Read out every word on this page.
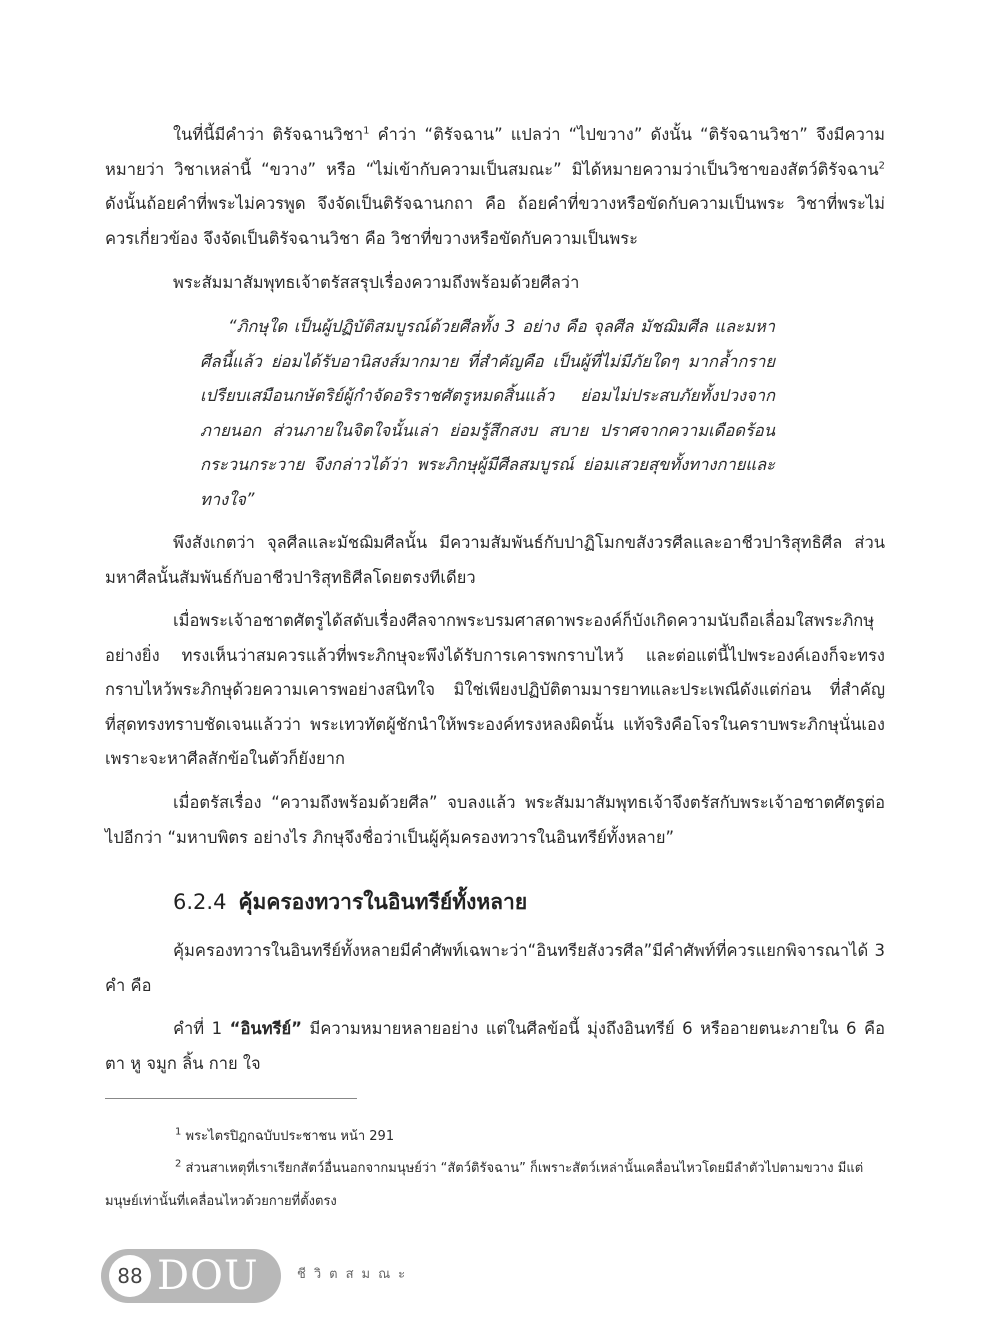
ในที่นี้มีคำว่า ติรัจฉานวิชา$^1$ คำว่า “ติรัจฉาน” แปลว่า “ไปขวาง” ดังนั้น “ติรัจฉานวิชา” จึงมีความหมายว่า วิชาเหล่านี้ “ขวาง” หรือ “ไม่เข้ากับความเป็นสมณะ” มิได้หมายความว่าเป็นวิชาของสัตว์ติรัจฉาน$^2$ ดังนั้นถ้อยคำที่พระไม่ควรพูด จึงจัดเป็นติรัจฉานกถา คือ ถ้อยคำที่ขวางหรือขัดกับความเป็นพระ วิชาที่พระไม่ควรเกี่ยวข้อง จึงจัดเป็นติรัจฉานวิชา คือ วิชาที่ขวางหรือขัดกับความเป็นพระ

พระสัมมาสัมพุทธเจ้าตรัสสรุปเรื่องความถึงพร้อมด้วยศีลว่า

“ภิกษุใด เป็นผู้ปฏิบัติสมบูรณ์ด้วยศีลทั้ง 3 อย่าง คือ จุลศีล มัชฌิมศีล และมหาศีลนี้แล้ว ย่อมได้รับอานิสงส์มากมาย ที่สำคัญคือ เป็นผู้ที่ไม่มีภัยใดๆ มากล้ำกราย เปรียบเสมือนกษัตริย์ผู้กำจัดอริราชศัตรูหมดสิ้นแล้ว ย่อมไม่ประสบภัยทั้งปวงจากภายนอก ส่วนภายในจิตใจนั้นเล่า ย่อมรู้สึกสงบ สบาย ปราศจากความเดือดร้อน กระวนกระวาย จึงกล่าวได้ว่า พระภิกษุผู้มีศีลสมบูรณ์ ย่อมเสวยสุขทั้งทางกายและทางใจ”

พึงสังเกตว่า จุลศีลและมัชฌิมศีลนั้น มีความสัมพันธ์กับปาฏิโมกขสังวรศีลและอาชีวปาริสุทธิศีล ส่วนมหาศีลนั้นสัมพันธ์กับอาชีวปาริสุทธิศีลโดยตรงทีเดียว

เมื่อพระเจ้าอชาตศัตรูได้สดับเรื่องศีลจากพระบรมศาสดาพระองค์ก็บังเกิดความนับถือเลื่อมใสพระภิกษุอย่างยิ่ง ทรงเห็นว่าสมควรแล้วที่พระภิกษุจะพึงได้รับการเคารพกราบไหว้ และต่อแต่นี้ไปพระองค์เองก็จะทรงกราบไหว้พระภิกษุด้วยความเคารพอย่างสนิทใจ มิใช่เพียงปฏิบัติตามมารยาทและประเพณีดังแต่ก่อน ที่สำคัญที่สุดทรงทราบชัดเจนแล้วว่า พระเทวทัตผู้ชักนำให้พระองค์ทรงหลงผิดนั้น แท้จริงคือโจรในคราบพระภิกษุนั่นเอง เพราะจะหาศีลสักข้อในตัวก็ยังยาก

เมื่อตรัสเรื่อง “ความถึงพร้อมด้วยศีล” จบลงแล้ว พระสัมมาสัมพุทธเจ้าจึงตรัสกับพระเจ้าอชาตศัตรูต่อไปอีกว่า “มหาบพิตร อย่างไร ภิกษุจึงชื่อว่าเป็นผู้คุ้มครองทวารในอินทรีย์ทั้งหลาย”

6.2.4 คุ้มครองทวารในอินทรีย์ทั้งหลาย

คุ้มครองทวารในอินทรีย์ทั้งหลายมีคำศัพท์เฉพาะว่า“อินทรียสังวรศีล”มีคำศัพท์ที่ควรแยกพิจารณาได้ 3 คำ คือ

คำที่ 1 “อินทรีย์” มีความหมายหลายอย่าง แต่ในศีลข้อนี้ มุ่งถึงอินทรีย์ 6 หรืออายตนะภายใน 6 คือ ตา หู จมูก ลิ้น กาย ใจ

$^1$ พระไตรปิฎกฉบับประชาชน หน้า 291

$^2$ ส่วนสาเหตุที่เราเรียกสัตว์อื่นนอกจากมนุษย์ว่า “สัตว์ติรัจฉาน” ก็เพราะสัตว์เหล่านั้นเคลื่อนไหวโดยมีลำตัวไปตามขวาง มีแต่มนุษย์เท่านั้นที่เคลื่อนไหวด้วยกายที่ตั้งตรง

88 DOU	ชีวิตสมณะ
